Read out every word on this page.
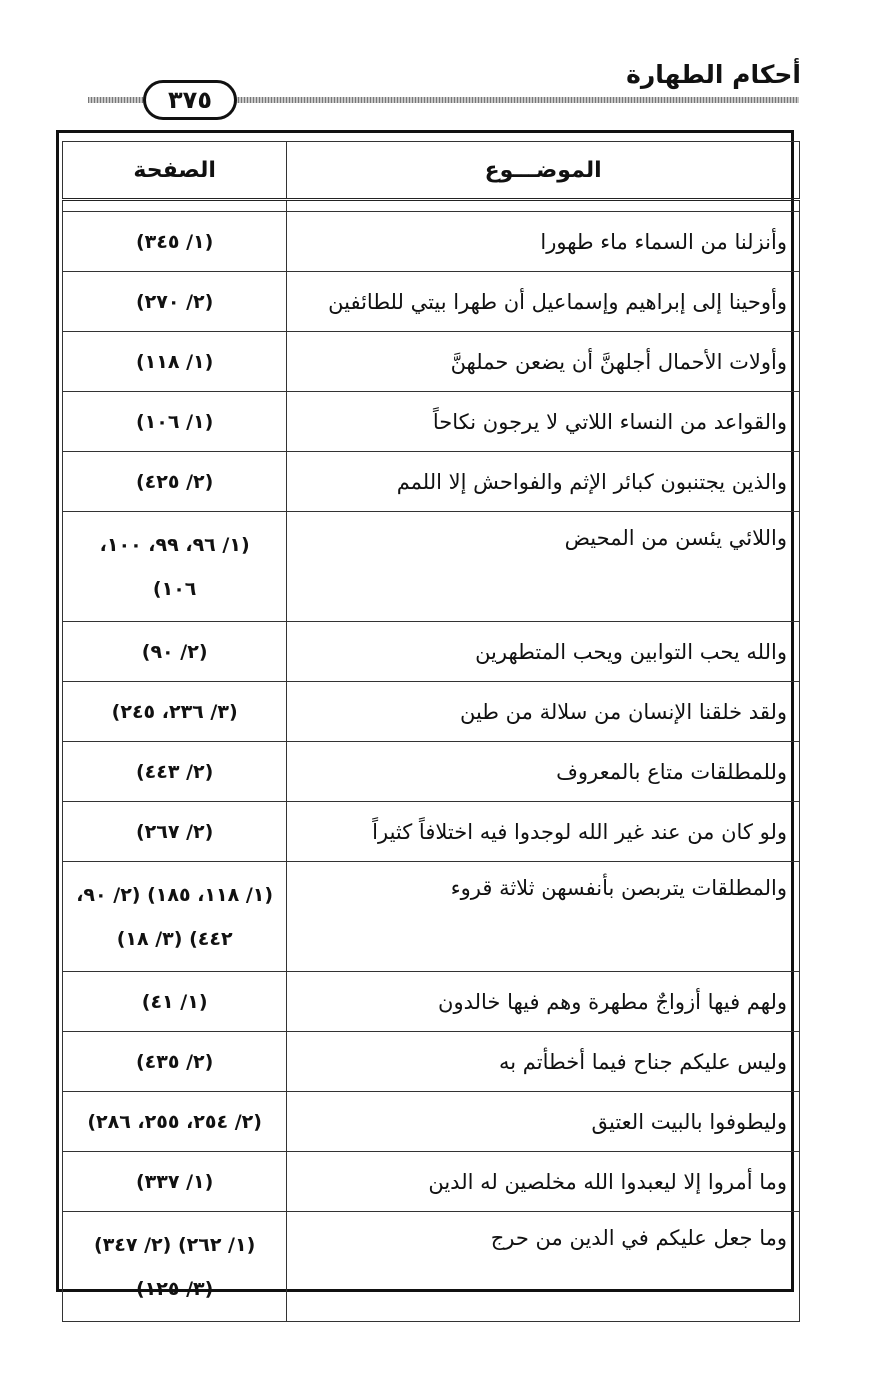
أحكام الطهارة
٣٧٥
الموضـــوع	الصفحة

وأنزلنا من السماء ماء طهورا	(١/ ٣٤٥)
وأوحينا إلى إبراهيم وإسماعيل أن طهرا بيتي للطائفين	(٢/ ٢٧٠)
وأولات الأحمال أجلهنَّ أن يضعن حملهنَّ	(١/ ١١٨)
والقواعد من النساء اللاتي لا يرجون نكاحاً	(١/ ١٠٦)
والذين يجتنبون كبائر الإثم والفواحش إلا اللمم	(٢/ ٤٢٥)
واللائي يئسن من المحيض	(١/ ٩٦، ٩٩، ١٠٠،
١٠٦)

والله يحب التوابين ويحب المتطهرين	(٢/ ٩٠)
ولقد خلقنا الإنسان من سلالة من طين	(٣/ ٢٣٦، ٢٤٥)
وللمطلقات متاع بالمعروف	(٢/ ٤٤٣)
ولو كان من عند غير الله لوجدوا فيه اختلافاً كثيراً	(٢/ ٢٦٧)
والمطلقات يتربصن بأنفسهن ثلاثة قروء	(١/ ١١٨، ١٨٥) (٢/ ٩٠،
٤٤٢) (٣/ ١٨)

ولهم فيها أزواجٌ مطهرة وهم فيها خالدون	(١/ ٤١)
وليس عليكم جناح فيما أخطأتم به	(٢/ ٤٣٥)
وليطوفوا بالبيت العتيق	(٢/ ٢٥٤، ٢٥٥، ٢٨٦)
وما أمروا إلا ليعبدوا الله مخلصين له الدين	(١/ ٣٣٧)
وما جعل عليكم في الدين من حرج	(١/ ٢٦٢) (٢/ ٣٤٧)
(٣/ ١٢٥)
